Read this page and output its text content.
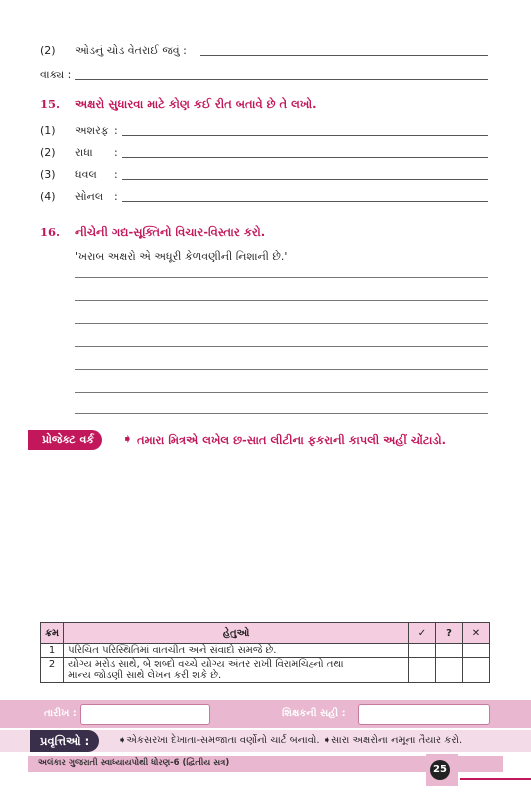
(2) ઓડનું ચોડ વેતરાઈ જવું :
વાક્ય :
15. અક્ષરો સુધારવા માટે કોણ કઈ રીત બતાવે છે તે લખો.
(1) અશરફ :
(2) રાધા :
(3) ધવલ :
(4) સોનલ :
16. નીચેની ગદ્ય-સૂક્તિનો વિચાર-વિસ્તાર કરો.
'ખરાબ અક્ષરો એ અધૂરી કેળવણીની નિશાની છે.'
પ્રોજેક્ટ વર્ક	➧ તમારા મિત્રએ લખેલ છ-સાત લીટીના ફકરાની કાપલી અહીં ચોંટાડો.
ક્રમ	હેતુઓ	✓	?	✕
1	પરિચિત પરિસ્થિતિમાં વાતચીત અને સંવાદો સમજે છે.			
2	યોગ્ય મરોડ સાથે, બે શબ્દો વચ્ચે યોગ્ય અંતર રાખી વિરામચિહ્નો તથા
માન્ય જોડણી સાથે લેખન કરી શકે છે.			

તારીખ :	શિક્ષકની સહી :
પ્રવૃત્તિઓ :	➧એકસરખા દેખાતા-સમજાતા વર્ણોનો ચાર્ટ બનાવો. ➧સારા અક્ષરોના નમૂના તૈયાર કરો.
અલંકાર ગુજરાતી સ્વાધ્યાયપોથી ધોરણ-6 (દ્વિતીય સત્ર)
25
